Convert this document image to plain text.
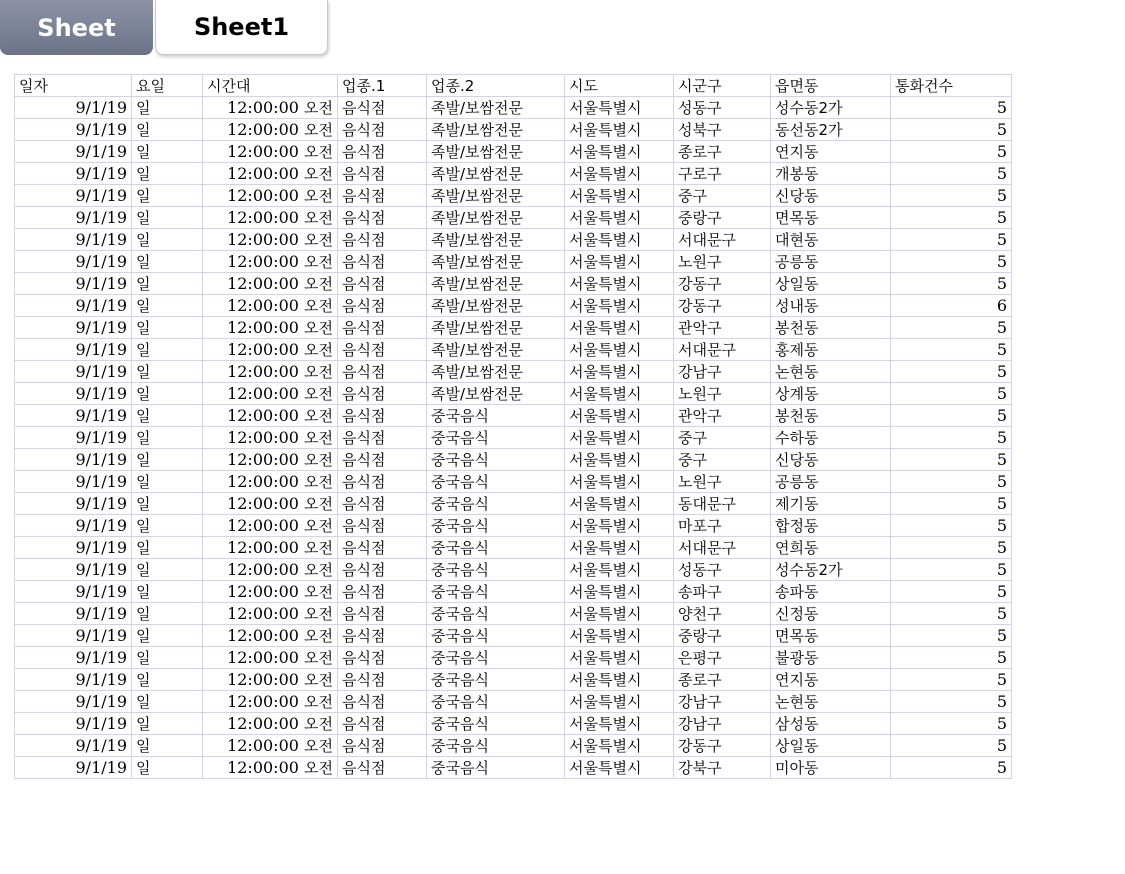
Sheet	Sheet1
일자	요일	시간대	업종.1	업종.2	시도	시군구	읍면동	통화건수
9/1/19	일	12:00:00 오전	음식점	족발/보쌈전문	서울특별시	성동구	성수동2가	5
9/1/19	일	12:00:00 오전	음식점	족발/보쌈전문	서울특별시	성북구	동선동2가	5
9/1/19	일	12:00:00 오전	음식점	족발/보쌈전문	서울특별시	종로구	연지동	5
9/1/19	일	12:00:00 오전	음식점	족발/보쌈전문	서울특별시	구로구	개봉동	5
9/1/19	일	12:00:00 오전	음식점	족발/보쌈전문	서울특별시	중구	신당동	5
9/1/19	일	12:00:00 오전	음식점	족발/보쌈전문	서울특별시	중랑구	면목동	5
9/1/19	일	12:00:00 오전	음식점	족발/보쌈전문	서울특별시	서대문구	대현동	5
9/1/19	일	12:00:00 오전	음식점	족발/보쌈전문	서울특별시	노원구	공릉동	5
9/1/19	일	12:00:00 오전	음식점	족발/보쌈전문	서울특별시	강동구	상일동	5
9/1/19	일	12:00:00 오전	음식점	족발/보쌈전문	서울특별시	강동구	성내동	6
9/1/19	일	12:00:00 오전	음식점	족발/보쌈전문	서울특별시	관악구	봉천동	5
9/1/19	일	12:00:00 오전	음식점	족발/보쌈전문	서울특별시	서대문구	홍제동	5
9/1/19	일	12:00:00 오전	음식점	족발/보쌈전문	서울특별시	강남구	논현동	5
9/1/19	일	12:00:00 오전	음식점	족발/보쌈전문	서울특별시	노원구	상계동	5
9/1/19	일	12:00:00 오전	음식점	중국음식	서울특별시	관악구	봉천동	5
9/1/19	일	12:00:00 오전	음식점	중국음식	서울특별시	중구	수하동	5
9/1/19	일	12:00:00 오전	음식점	중국음식	서울특별시	중구	신당동	5
9/1/19	일	12:00:00 오전	음식점	중국음식	서울특별시	노원구	공릉동	5
9/1/19	일	12:00:00 오전	음식점	중국음식	서울특별시	동대문구	제기동	5
9/1/19	일	12:00:00 오전	음식점	중국음식	서울특별시	마포구	합정동	5
9/1/19	일	12:00:00 오전	음식점	중국음식	서울특별시	서대문구	연희동	5
9/1/19	일	12:00:00 오전	음식점	중국음식	서울특별시	성동구	성수동2가	5
9/1/19	일	12:00:00 오전	음식점	중국음식	서울특별시	송파구	송파동	5
9/1/19	일	12:00:00 오전	음식점	중국음식	서울특별시	양천구	신정동	5
9/1/19	일	12:00:00 오전	음식점	중국음식	서울특별시	중랑구	면목동	5
9/1/19	일	12:00:00 오전	음식점	중국음식	서울특별시	은평구	불광동	5
9/1/19	일	12:00:00 오전	음식점	중국음식	서울특별시	종로구	연지동	5
9/1/19	일	12:00:00 오전	음식점	중국음식	서울특별시	강남구	논현동	5
9/1/19	일	12:00:00 오전	음식점	중국음식	서울특별시	강남구	삼성동	5
9/1/19	일	12:00:00 오전	음식점	중국음식	서울특별시	강동구	상일동	5
9/1/19	일	12:00:00 오전	음식점	중국음식	서울특별시	강북구	미아동	5
